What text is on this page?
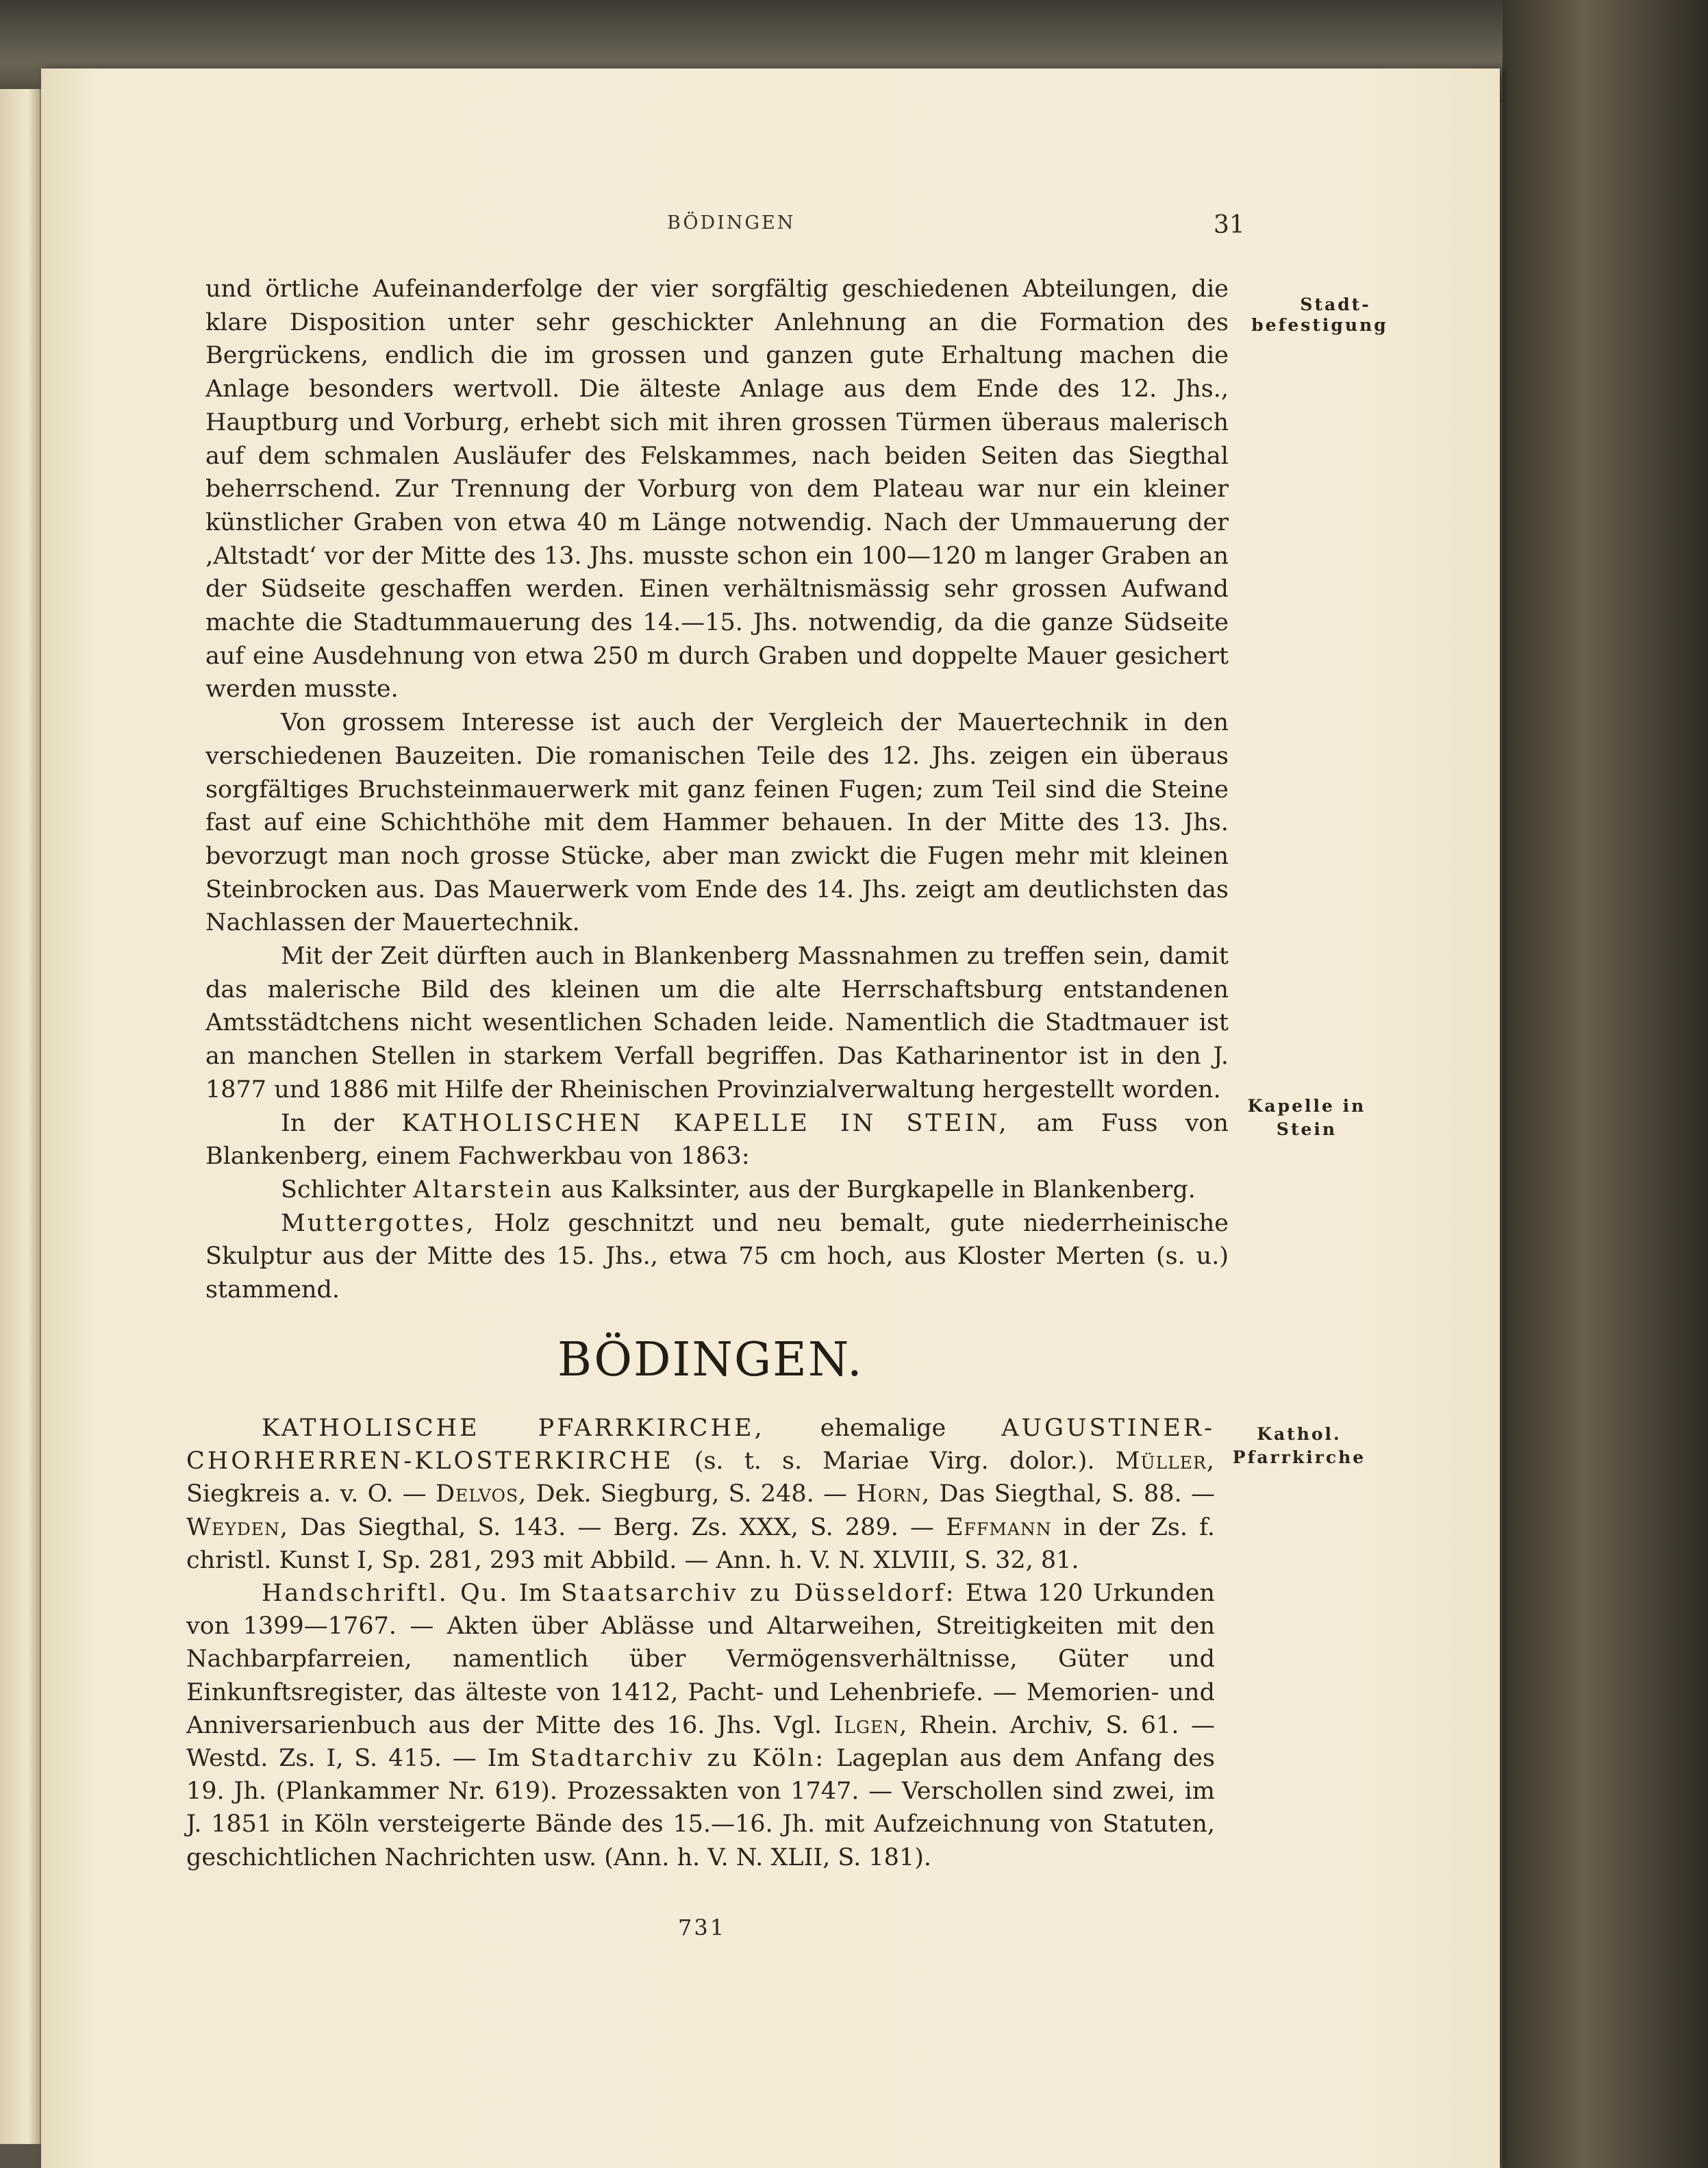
BÖDINGEN	31
Stadt-
befestigung
Kapelle in
Stein
Kathol.
Pfarrkirche

und örtliche Aufeinanderfolge der vier sorgfältig geschiedenen Abteilungen, die klare Disposition unter sehr geschickter Anlehnung an die Formation des Bergrückens, endlich die im grossen und ganzen gute Erhaltung machen die Anlage besonders wertvoll. Die älteste Anlage aus dem Ende des 12. Jhs., Hauptburg und Vorburg, erhebt sich mit ihren grossen Türmen überaus malerisch auf dem schmalen Ausläufer des Felskammes, nach beiden Seiten das Siegthal beherrschend. Zur Trennung der Vorburg von dem Plateau war nur ein kleiner künstlicher Graben von etwa 40 m Länge notwendig. Nach der Ummauerung der ‚Altstadt‘ vor der Mitte des 13. Jhs. musste schon ein 100—120 m langer Graben an der Südseite geschaffen werden. Einen verhältnismässig sehr grossen Aufwand machte die Stadtummauerung des 14.—15. Jhs. notwendig, da die ganze Südseite auf eine Ausdehnung von etwa 250 m durch Graben und doppelte Mauer gesichert werden musste.

Von grossem Interesse ist auch der Vergleich der Mauertechnik in den verschiedenen Bauzeiten. Die romanischen Teile des 12. Jhs. zeigen ein überaus sorgfältiges Bruchsteinmauerwerk mit ganz feinen Fugen; zum Teil sind die Steine fast auf eine Schichthöhe mit dem Hammer behauen. In der Mitte des 13. Jhs. bevorzugt man noch grosse Stücke, aber man zwickt die Fugen mehr mit kleinen Steinbrocken aus. Das Mauerwerk vom Ende des 14. Jhs. zeigt am deutlichsten das Nachlassen der Mauertechnik.

Mit der Zeit dürften auch in Blankenberg Massnahmen zu treffen sein, damit das malerische Bild des kleinen um die alte Herrschaftsburg entstandenen Amtsstädtchens nicht wesentlichen Schaden leide. Namentlich die Stadtmauer ist an manchen Stellen in starkem Verfall begriffen. Das Katharinentor ist in den J. 1877 und 1886 mit Hilfe der Rheinischen Provinzialverwaltung hergestellt worden.

In der KATHOLISCHEN KAPELLE IN STEIN, am Fuss von Blankenberg, einem Fachwerkbau von 1863:

Schlichter Altarstein aus Kalksinter, aus der Burgkapelle in Blankenberg.

Muttergottes, Holz geschnitzt und neu bemalt, gute niederrheinische Skulptur aus der Mitte des 15. Jhs., etwa 75 cm hoch, aus Kloster Merten (s. u.) stammend.

BÖDINGEN.

KATHOLISCHE PFARRKIRCHE, ehemalige AUGUSTINER-CHORHERREN-KLOSTERKIRCHE (s. t. s. Mariae Virg. dolor.). Müller, Siegkreis a. v. O. — Delvos, Dek. Siegburg, S. 248. — Horn, Das Siegthal, S. 88. — Weyden, Das Siegthal, S. 143. — Berg. Zs. XXX, S. 289. — Effmann in der Zs. f. christl. Kunst I, Sp. 281, 293 mit Abbild. — Ann. h. V. N. XLVIII, S. 32, 81.

Handschriftl. Qu. Im Staatsarchiv zu Düsseldorf: Etwa 120 Urkunden von 1399—1767. — Akten über Ablässe und Altarweihen, Streitigkeiten mit den Nachbarpfarreien, namentlich über Vermögensverhältnisse, Güter und Einkunftsregister, das älteste von 1412, Pacht- und Lehenbriefe. — Memorien- und Anniversarienbuch aus der Mitte des 16. Jhs. Vgl. Ilgen, Rhein. Archiv, S. 61. — Westd. Zs. I, S. 415. — Im Stadtarchiv zu Köln: Lageplan aus dem Anfang des 19. Jh. (Plankammer Nr. 619). Prozessakten von 1747. — Verschollen sind zwei, im J. 1851 in Köln versteigerte Bände des 15.—16. Jh. mit Aufzeichnung von Statuten, geschichtlichen Nachrichten usw. (Ann. h. V. N. XLII, S. 181).

731
